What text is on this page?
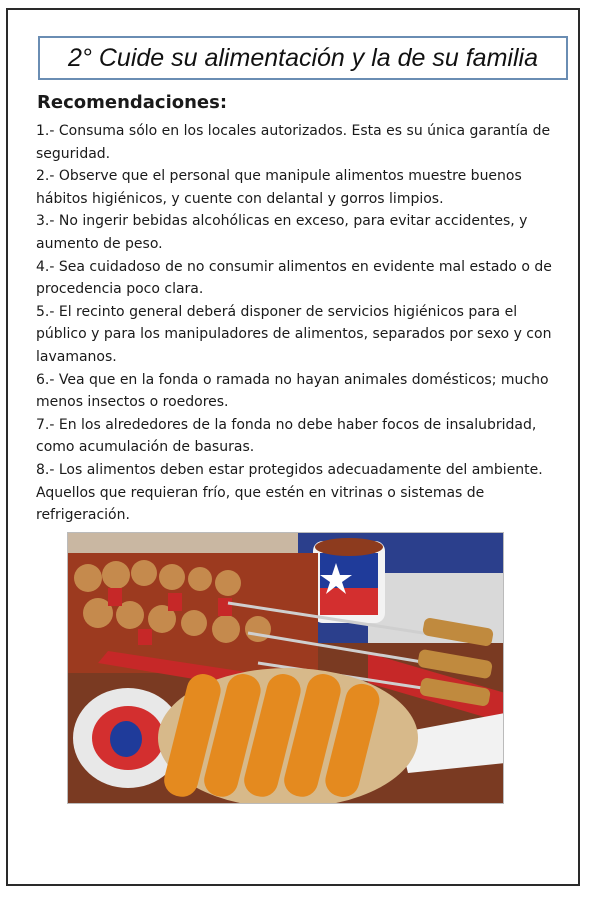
2° Cuide su alimentación y la de su familia
Recomendaciones:

1.- Consuma sólo en los locales autorizados. Esta es su única garantía de seguridad.

2.- Observe que el personal que manipule alimentos muestre buenos hábitos higiénicos, y cuente con delantal y gorros limpios.

3.- No ingerir bebidas alcohólicas en exceso, para evitar accidentes, y aumento de peso.

4.- Sea cuidadoso de no consumir alimentos en evidente mal estado o de procedencia poco clara.

5.- El recinto general deberá disponer de servicios higiénicos para el público y para los manipuladores de alimentos, separados por sexo y con lavamanos.

6.- Vea que en la fonda o ramada no hayan animales domésticos; mucho menos insectos o roedores.

7.- En los alrededores de la fonda no debe haber focos de insalubridad, como acumulación de basuras.

8.- Los alimentos deben estar protegidos adecuadamente del ambiente. Aquellos que requieran frío, que estén en vitrinas o sistemas de refrigeración.
